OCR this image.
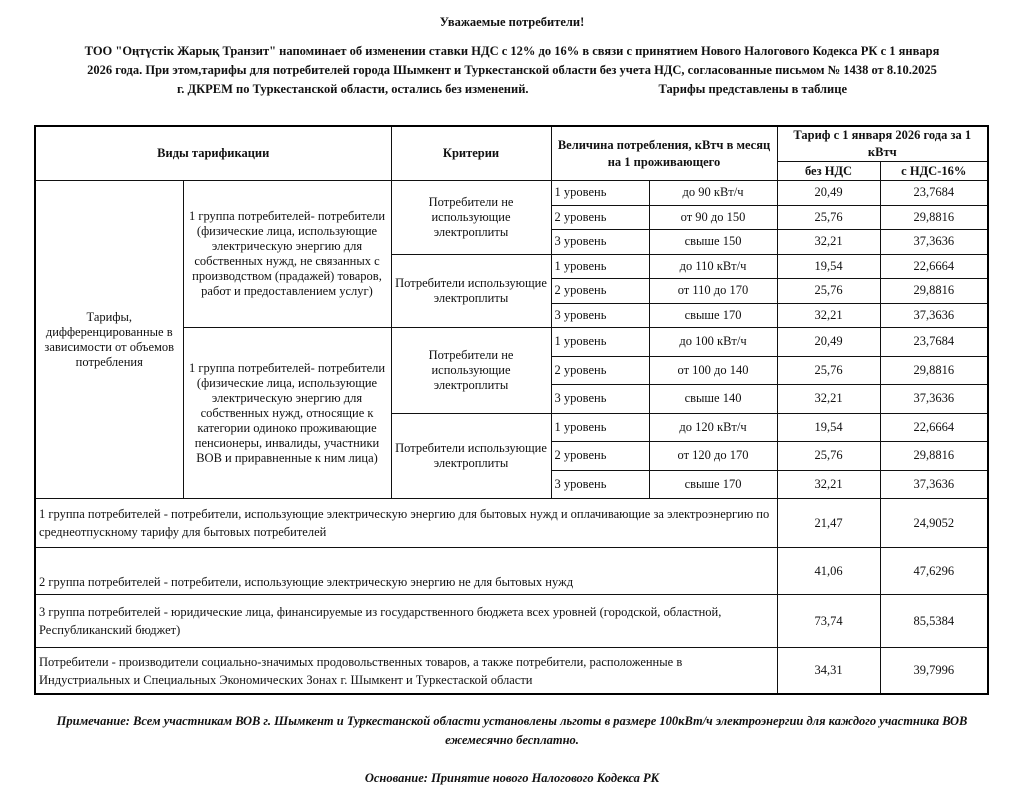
Уважаемые потребители!
ТОО "Оңтүстік Жарық Транзит" напоминает об изменении ставки НДС с 12% до 16% в связи с принятием Нового Налогового Кодекса РК с 1 января
2026 года. При этом,тарифы для потребителей города Шымкент и Туркестанской области без учета НДС, согласованные письмом № 1438 от 8.10.2025
г. ДКРЕМ по Туркестанской области, остались без изменений.	Тарифы представлены в таблице
Виды тарификации		Критерии	Величина потребления, кВтч в месяц на 1 проживающего		Тариф с 1 января 2026 года за 1 кВтч	
					без НДС	с НДС-16%
Тарифы, дифференцированные в зависимости от объемов потребления	1 группа потребителей- потребители (физические лица, использующие электрическую энергию для собственных нужд, не связанных с производством (прадажей) товаров, работ и предоставлением услуг)	Потребители не использующие электроплиты	1 уровень	до 90 кВт/ч	20,49	23,7684
			2 уровень	от 90 до 150	25,76	29,8816
			3 уровень	свыше 150	32,21	37,3636
		Потребители использующие электроплиты	1 уровень	до 110 кВт/ч	19,54	22,6664
			2 уровень	от 110 до 170	25,76	29,8816
			3 уровень	свыше 170	32,21	37,3636
	1 группа потребителей- потребители (физические лица, использующие электрическую энергию для собственных нужд, относящие к категории одиноко проживающие пенсионеры, инвалиды, участники ВОВ и приравненные к ним лица)	Потребители не использующие электроплиты	1 уровень	до 100 кВт/ч	20,49	23,7684
			2 уровень	от 100 до 140	25,76	29,8816
			3 уровень	свыше 140	32,21	37,3636
		Потребители использующие электроплиты	1 уровень	до 120 кВт/ч	19,54	22,6664
			2 уровень	от 120 до 170	25,76	29,8816
			3 уровень	свыше 170	32,21	37,3636
1 группа потребителей - потребители, использующие электрическую энергию для бытовых нужд и оплачивающие за электроэнергию по среднеотпускному тарифу для бытовых потребителей					21,47	24,9052
2 группа потребителей - потребители, использующие электрическую энергию не для бытовых нужд					41,06	47,6296
3 группа потребителей - юридические лица, финансируемые из государственного бюджета всех уровней (городской, областной, Республиканский бюджет)					73,74	85,5384
Потребители - производители социально-значимых продовольственных товаров, а также потребители, расположенные в Индустриальных и Специальных Экономических Зонах г. Шымкент и Туркестаской области					34,31	39,7996
Примечание: Всем участникам ВОВ г. Шымкент и Туркестанской области установлены льготы в размере 100кВт/ч электроэнергии для каждого участника ВОВ ежемесячно бесплатно.
Основание: Принятие нового Налогового Кодекса РК
